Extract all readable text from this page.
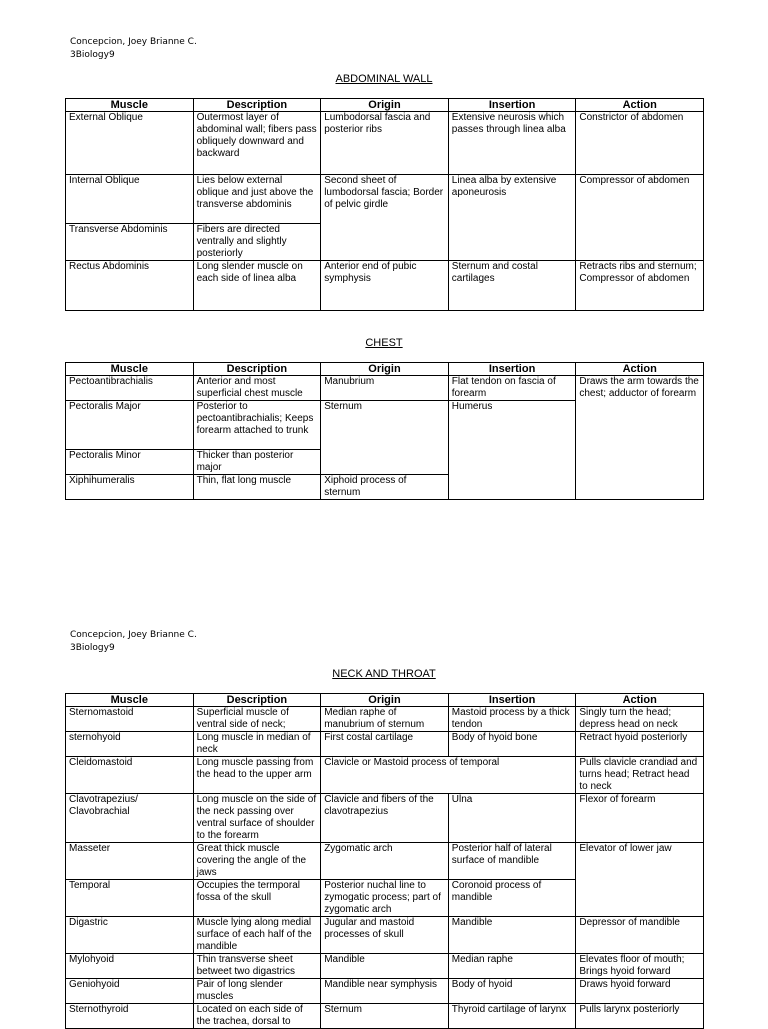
Concepcion, Joey Brianne C.
3Biology9
ABDOMINAL WALL
Muscle	Description	Origin	Insertion	Action
External Oblique	Outermost layer of abdominal wall; fibers pass obliquely downward and backward	Lumbodorsal fascia and posterior ribs	Extensive neurosis which passes through linea alba	Constrictor of abdomen
Internal Oblique	Lies below external oblique and just above the transverse abdominis	Second sheet of lumbodorsal fascia; Border of pelvic girdle	Linea alba by extensive aponeurosis	Compressor of abdomen
Transverse Abdominis	Fibers are directed ventrally and slightly posteriorly			
Rectus Abdominis	Long slender muscle on each side of linea alba	Anterior end of pubic symphysis	Sternum and costal cartilages	Retracts ribs and sternum; Compressor of abdomen
CHEST
Muscle	Description	Origin	Insertion	Action
Pectoantibrachialis	Anterior and most superficial chest muscle	Manubrium	Flat tendon on fascia of forearm	Draws the arm towards the chest; adductor of forearm
Pectoralis Major	Posterior to pectoantibrachialis; Keeps forearm attached to trunk	Sternum	Humerus	
Pectoralis Minor	Thicker than posterior major			
Xiphihumeralis	Thin, flat long muscle	Xiphoid process of sternum		
Concepcion, Joey Brianne C.
3Biology9
NECK AND THROAT
Muscle	Description	Origin	Insertion	Action
Sternomastoid	Superficial muscle of ventral side of neck;	Median raphe of manubrium of sternum	Mastoid process by a thick tendon	Singly turn the head; depress head on neck
sternohyoid	Long muscle in median of neck	First costal cartilage	Body of hyoid bone	Retract hyoid posteriorly
Cleidomastoid	Long muscle passing from the head to the upper arm	Clavicle or Mastoid process of temporal		Pulls clavicle crandiad and turns head; Retract head to neck
Clavotrapezius/ Clavobrachial	Long muscle on the side of the neck passing over ventral surface of shoulder to the forearm	Clavicle and fibers of the clavotrapezius	Ulna	Flexor of forearm
Masseter	Great thick muscle covering the angle of the jaws	Zygomatic arch	Posterior half of lateral surface of mandible	Elevator of lower jaw
Temporal	Occupies the termporal fossa of the skull	Posterior nuchal line to zymogatic process; part of zygomatic arch	Coronoid process of mandible	
Digastric	Muscle lying along medial surface of each half of the mandible	Jugular and mastoid processes of skull	Mandible	Depressor of mandible
Mylohyoid	Thin transverse sheet betweet two digastrics	Mandible	Median raphe	Elevates floor of mouth; Brings hyoid forward
Geniohyoid	Pair of long slender muscles	Mandible near symphysis	Body of hyoid	Draws hyoid forward
Sternothyroid	Located on each side of the trachea, dorsal to	Sternum	Thyroid cartilage of larynx	Pulls larynx posteriorly
